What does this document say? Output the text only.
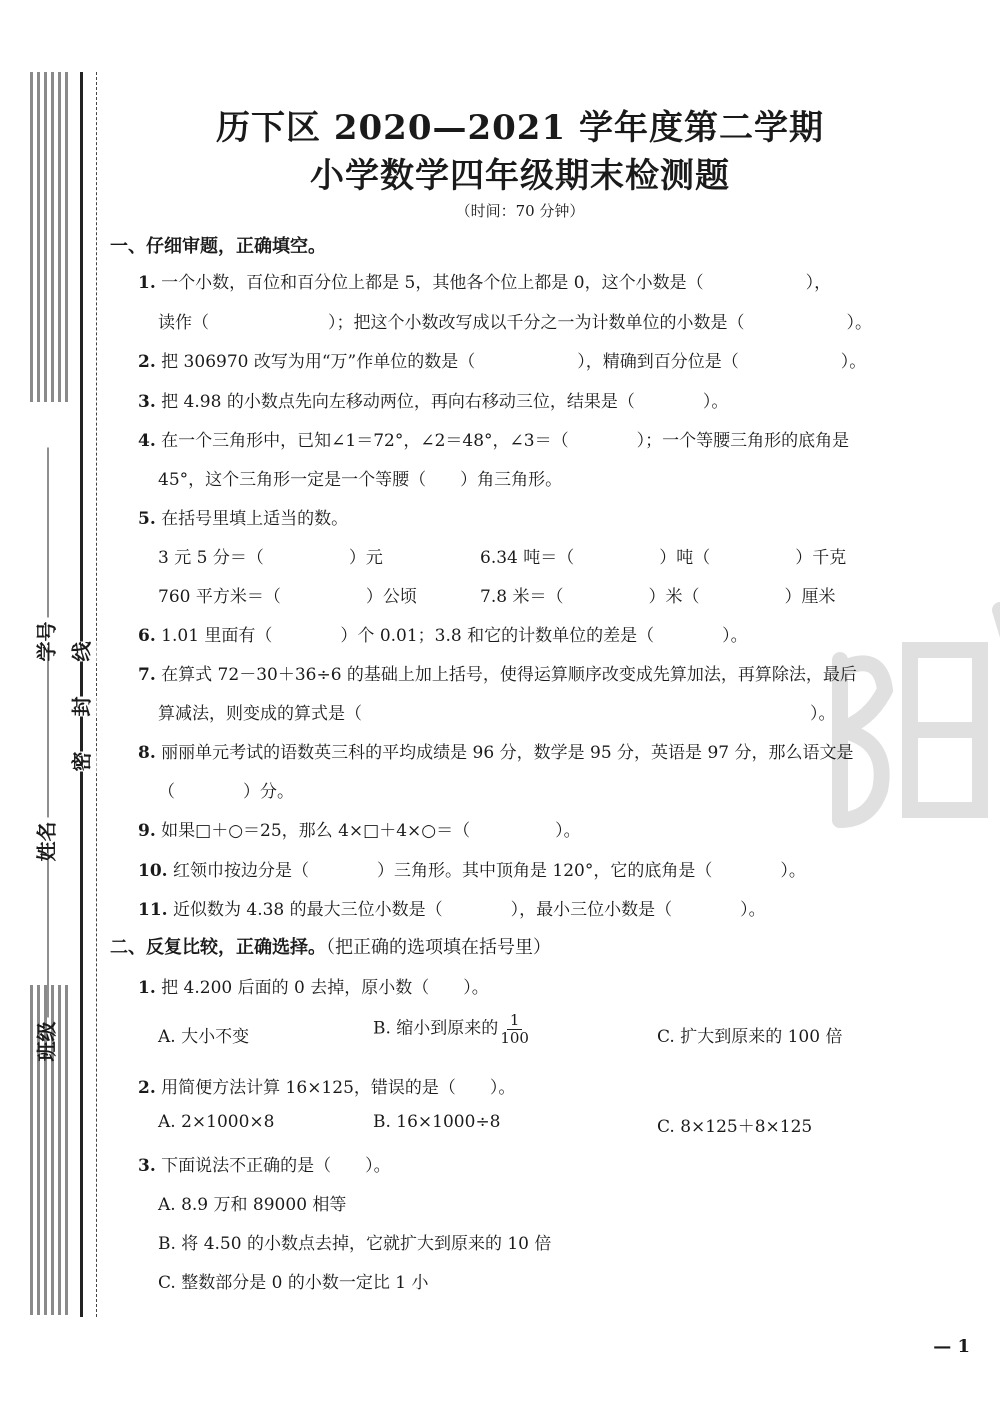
学号
姓名
班级
线
封
密
历下区 2020—2021 学年度第二学期
小学数学四年级期末检测题
（时间：70 分钟）
一、仔细审题，正确填空。
1. 一个小数，百位和百分位上都是 5，其他各个位上都是 0，这个小数是（　　　　　　），
读作（　　　　　　　）；把这个小数改写成以千分之一为计数单位的小数是（　　　　　　）。
2. 把 306970 改写为用“万”作单位的数是（　　　　　　），精确到百分位是（　　　　　　）。
3. 把 4.98 的小数点先向左移动两位，再向右移动三位，结果是（　　　　）。
4. 在一个三角形中，已知∠1＝72°，∠2＝48°，∠3＝（　　　　）；一个等腰三角形的底角是
45°，这个三角形一定是一个等腰（　　）角三角形。
5. 在括号里填上适当的数。
3 元 5 分＝（　　　　　）元	6.34 吨＝（　　　　　）吨（　　　　　）千克
760 平方米＝（　　　　　）公顷	7.8 米＝（　　　　　）米（　　　　　）厘米
6. 1.01 里面有（　　　　）个 0.01；3.8 和它的计数单位的差是（　　　　）。
7. 在算式 72－30＋36÷6 的基础上加上括号，使得运算顺序改变成先算加法，再算除法，最后
算减法，则变成的算式是（	）。
8. 丽丽单元考试的语数英三科的平均成绩是 96 分，数学是 95 分，英语是 97 分，那么语文是
（　　　　）分。
9. 如果□＋○＝25，那么 4×□＋4×○＝（　　　　　）。
10. 红领巾按边分是（　　　　）三角形。其中顶角是 120°，它的底角是（　　　　）。
11. 近似数为 4.38 的最大三位小数是（　　　　），最小三位小数是（　　　　）。
二、反复比较，正确选择。（把正确的选项填在括号里）
1. 把 4.200 后面的 0 去掉，原小数（　　）。
A. 大小不变	B. 缩小到原来的 $\frac{1}{100}$	C. 扩大到原来的 100 倍
2. 用简便方法计算 16×125，错误的是（　　）。
A. 2×1000×8	B. 16×1000÷8	C. 8×125＋8×125
3. 下面说法不正确的是（　　）。
A. 8.9 万和 89000 相等
B. 将 4.50 的小数点去掉，它就扩大到原来的 10 倍
C. 整数部分是 0 的小数一定比 1 小
— 1
